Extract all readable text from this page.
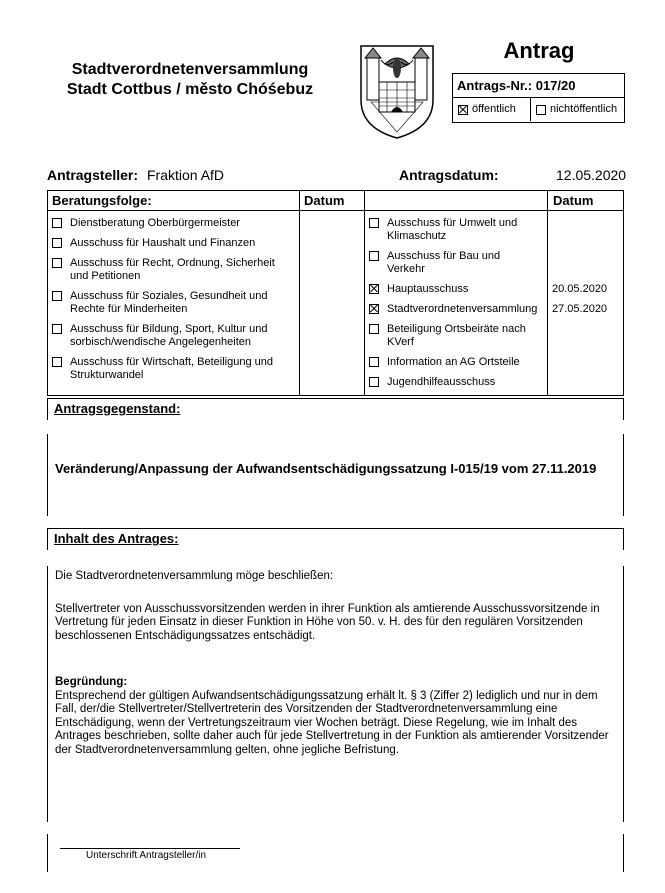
Stadtverordnetenversammlung
Stadt Cottbus / město Chóśebuz
Antrag
Antrags-Nr.: 017/20
öffentlich	nichtöffentlich
Antragsteller: Fraktion AfD	Antragsdatum:	12.05.2020
Beratungsfolge:	Datum	Datum
Dienstberatung Oberbürgermeister
Ausschuss für Haushalt und Finanzen
Ausschuss für Recht, Ordnung, Sicherheit und Petitionen
Ausschuss für Soziales, Gesundheit und Rechte für Minderheiten
Ausschuss für Bildung, Sport, Kultur und sorbisch/wendische Angelegenheiten
Ausschuss für Wirtschaft, Beteiligung und Strukturwandel
Ausschuss für Umwelt und Klimaschutz
Ausschuss für Bau und Verkehr
Hauptausschuss	20.05.2020
Stadtverordnetenversammlung 27.05.2020
Beteiligung Ortsbeiräte nach KVerf
Information an AG Ortsteile
Jugendhilfeausschuss
Antragsgegenstand:
Veränderung/Anpassung der Aufwandsentschädigungssatzung I-015/19 vom 27.11.2019
Inhalt des Antrages:
Die Stadtverordnetenversammlung möge beschließen:
Stellvertreter von Ausschussvorsitzenden werden in ihrer Funktion als amtierende Ausschussvorsitzende in Vertretung für jeden Einsatz in dieser Funktion in Höhe von 50. v. H. des für den regulären Vorsitzenden beschlossenen Entschädigungssatzes entschädigt.
Begründung:
Entsprechend der gültigen Aufwandsentschädigungssatzung erhält lt. § 3 (Ziffer 2) lediglich und nur in dem Fall, der/die Stellvertreter/Stellvertreterin des Vorsitzenden der Stadtverordnetenversammlung eine Entschädigung, wenn der Vertretungszeitraum vier Wochen beträgt. Diese Regelung, wie im Inhalt des Antrages beschrieben, sollte daher auch für jede Stellvertretung in der Funktion als amtierender Vorsitzender der Stadtverordnetenversammlung gelten, ohne jegliche Befristung.
Unterschrift Antragsteller/in
